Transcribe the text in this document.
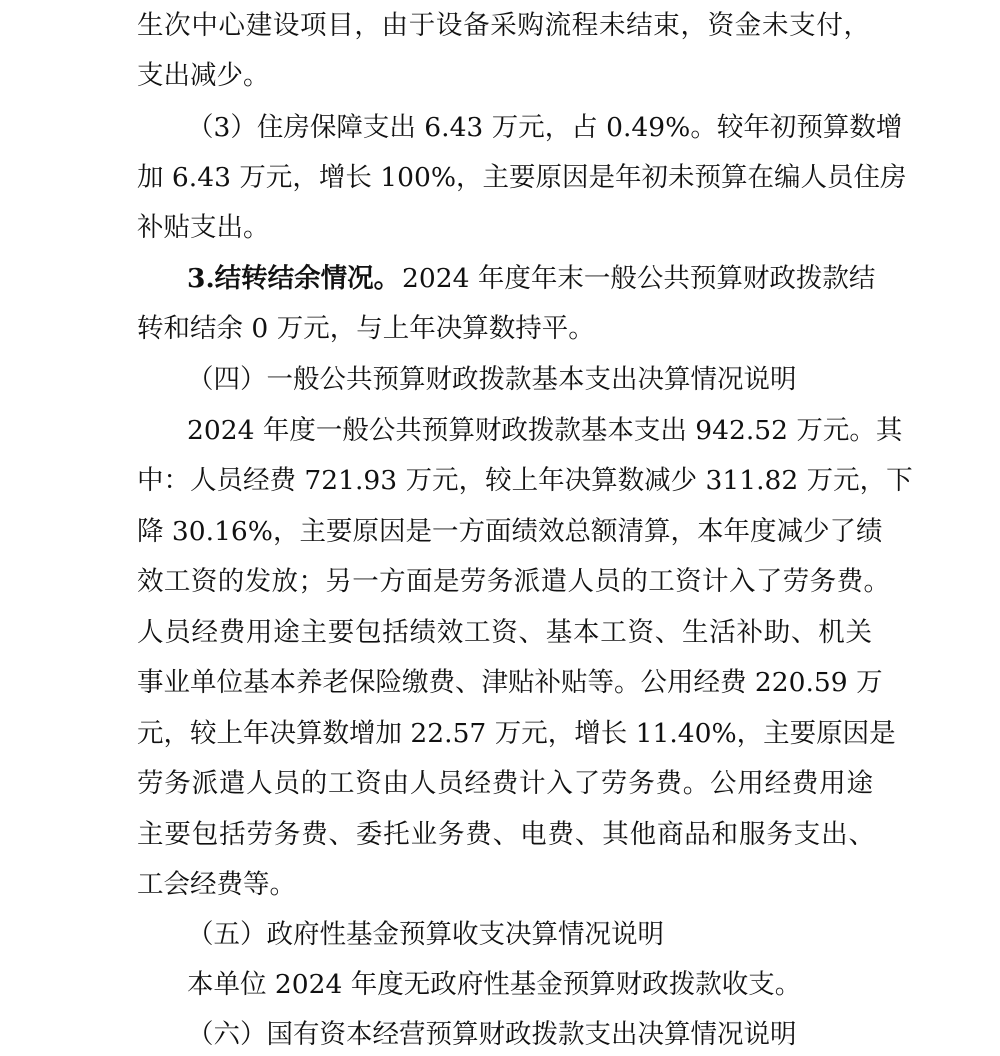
生次中心建设项目，由于设备采购流程未结束，资金未支付，
支出减少。
（3）住房保障支出 6.43 万元，占 0.49%。较年初预算数增
加 6.43 万元，增长 100%，主要原因是年初未预算在编人员住房
补贴支出。
3.结转结余情况。 2024 年度年末一般公共预算财政拨款结
转和结余 0 万元，与上年决算数持平。
（四）一般公共预算财政拨款基本支出决算情况说明
2024 年度一般公共预算财政拨款基本支出 942.52 万元。其
中：人员经费 721.93 万元，较上年决算数减少 311.82 万元，下
降 30.16%，主要原因是一方面绩效总额清算，本年度减少了绩
效工资的发放；另一方面是劳务派遣人员的工资计入了劳务费。
人员经费用途主要包括绩效工资、基本工资、生活补助、机关
事业单位基本养老保险缴费、津贴补贴等。公用经费 220.59 万
元，较上年决算数增加 22.57 万元，增长 11.40%，主要原因是
劳务派遣人员的工资由人员经费计入了劳务费。公用经费用途
主要包括劳务费、委托业务费、电费、其他商品和服务支出、
工会经费等。
（五）政府性基金预算收支决算情况说明
本单位 2024 年度无政府性基金预算财政拨款收支。
（六）国有资本经营预算财政拨款支出决算情况说明
